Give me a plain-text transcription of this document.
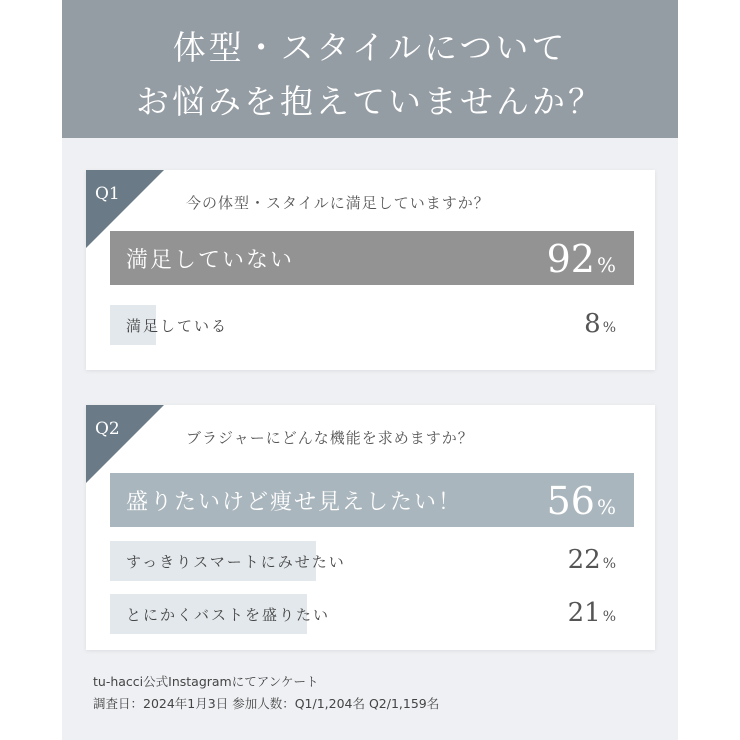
体型・スタイルについて
お悩みを抱えていませんか？
Q1	今の体型・スタイルに満足していますか？
満足していない	92 %
満足している	8 %
Q2	ブラジャーにどんな機能を求めますか？
盛りたいけど痩せ見えしたい！ 56 %
すっきりスマートにみせたい	22 %
とにかくバストを盛りたい	21 %
tu-hacci公式Instagramにてアンケート
調査日：2024年1月3日 参加人数：Q1/1,204名 Q2/1,159名
